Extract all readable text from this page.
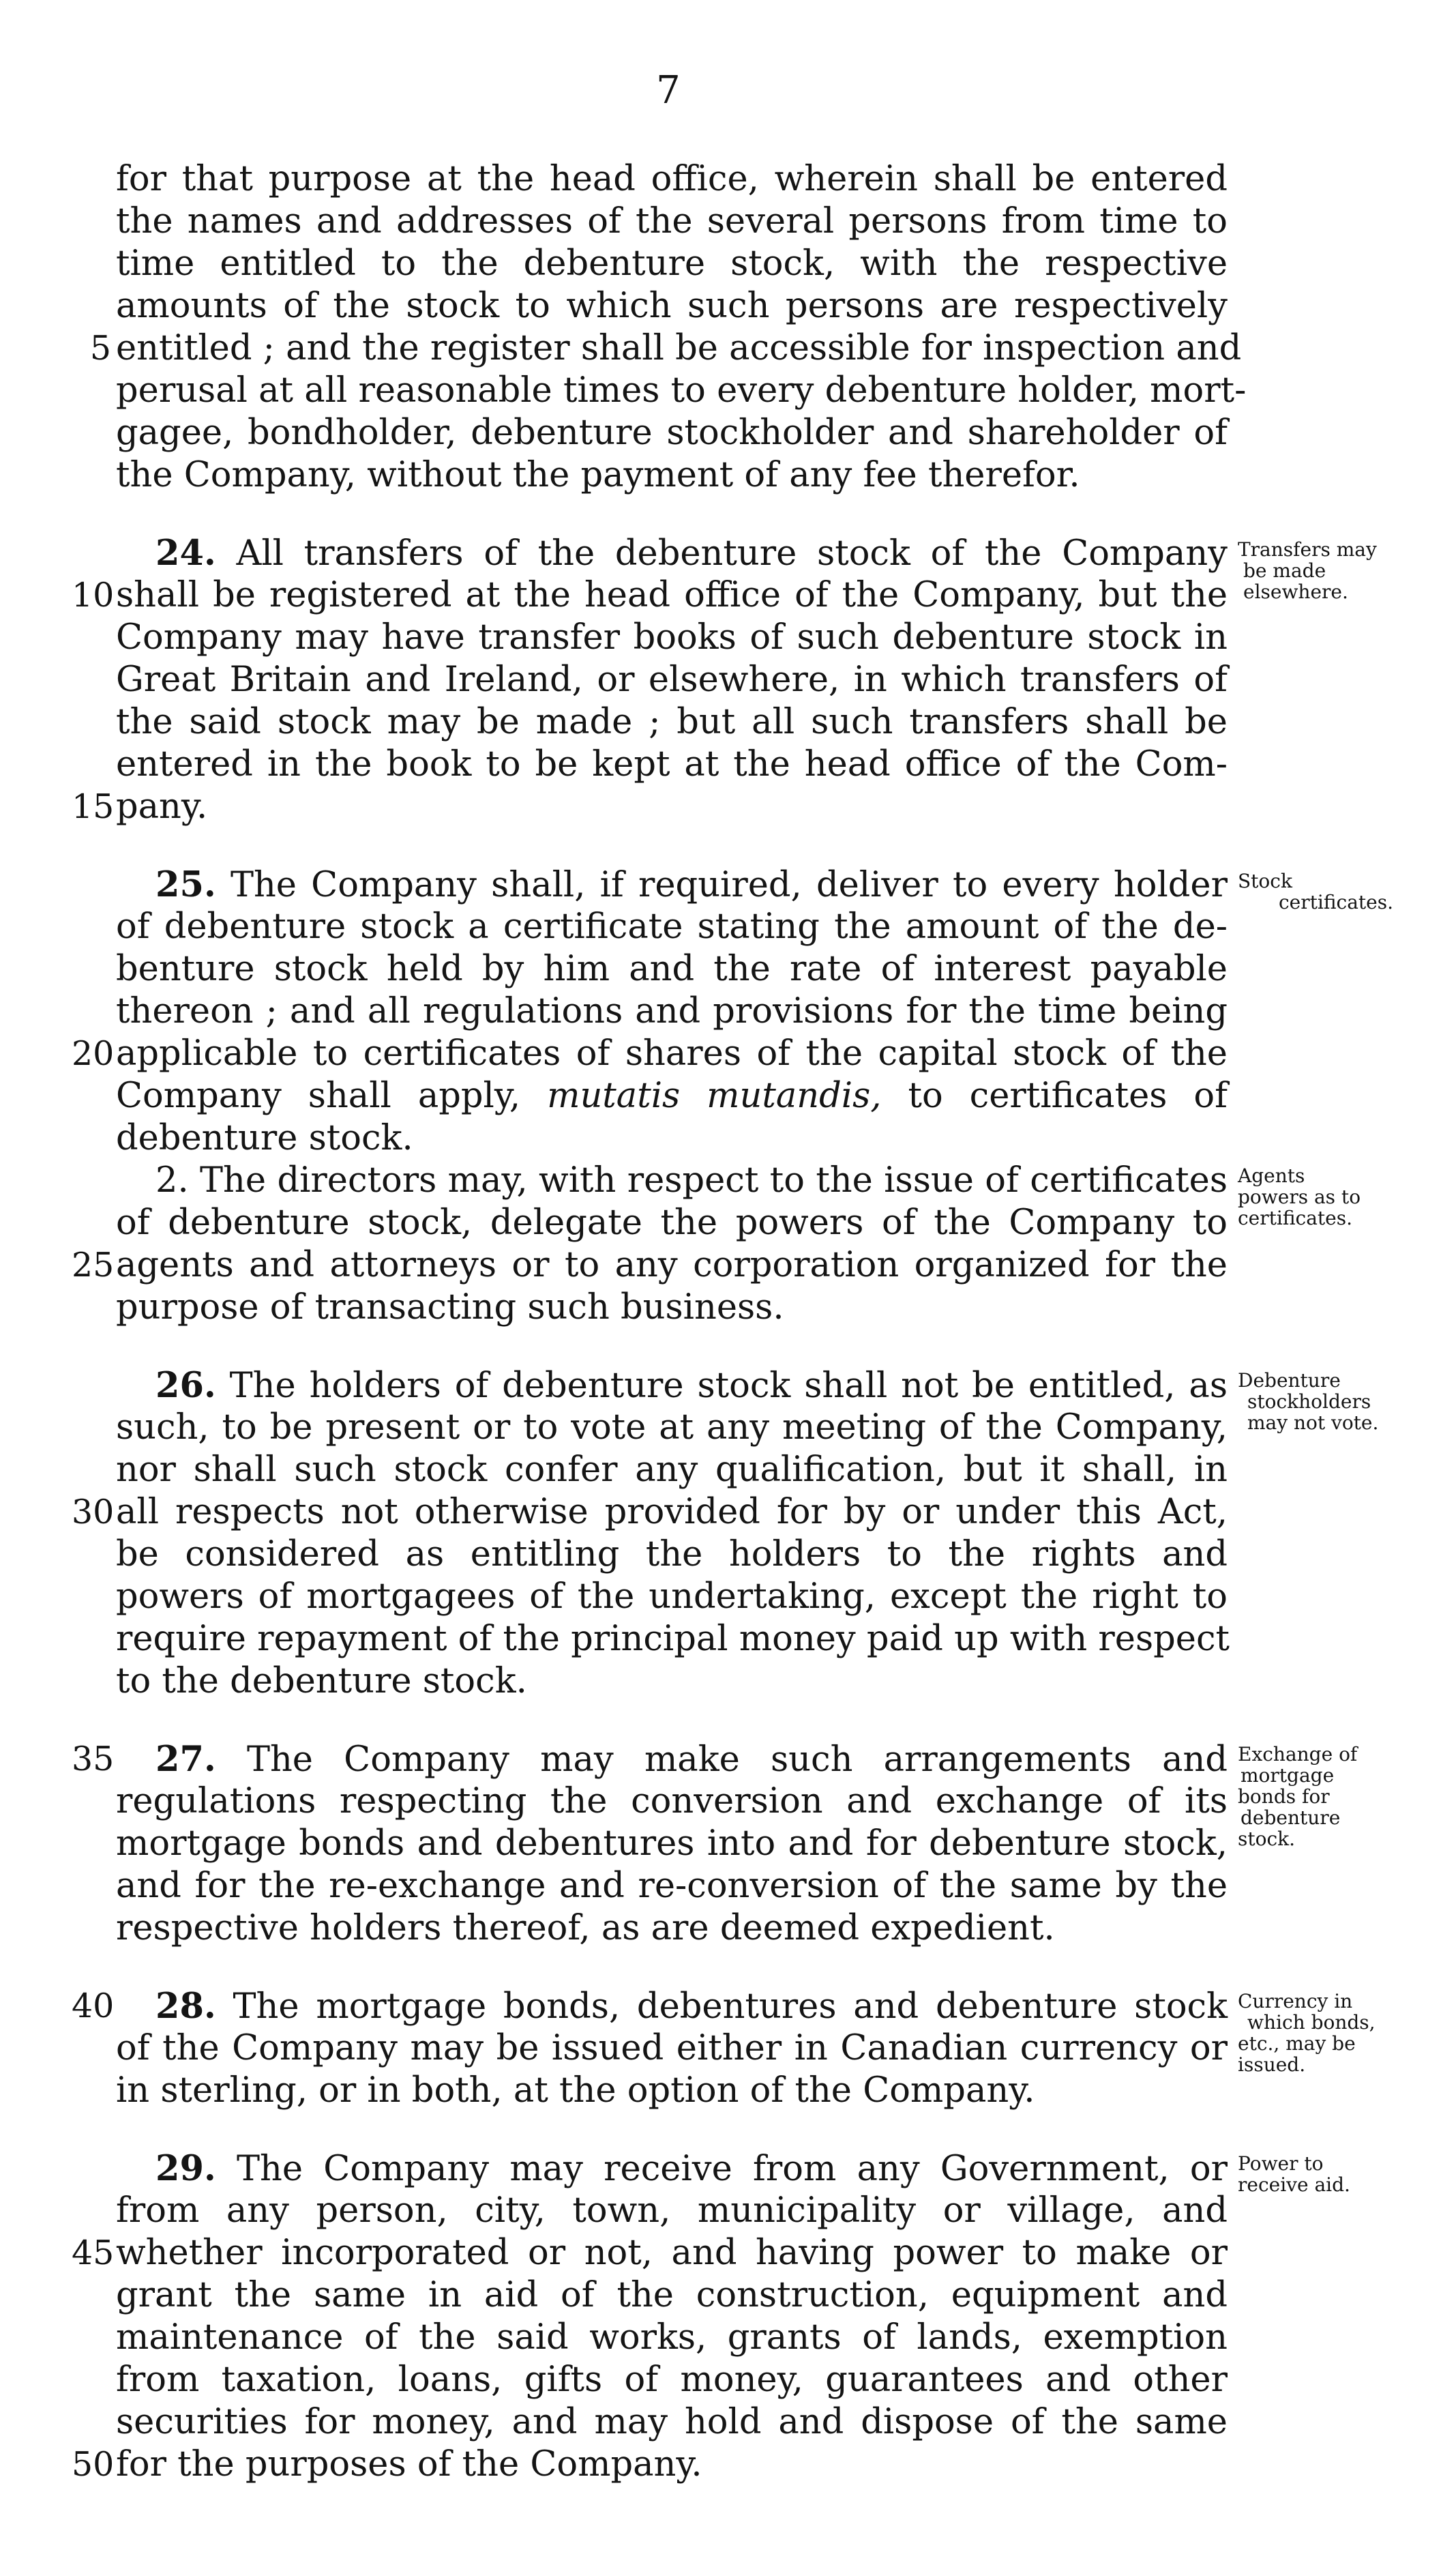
7
for that purpose at the head office, wherein shall be entered
the names and addresses of the several persons from time to
time entitled to the debenture stock, with the respective
amounts of the stock to which such persons are respectively
5 entitled ; and the register shall be accessible for inspection and
perusal at all reasonable times to every debenture holder, mort-
gagee, bondholder, debenture stockholder and shareholder of
the Company, without the payment of any fee therefor.
24. All transfers of the debenture stock of the Company
10 shall be registered at the head office of the Company, but the
Company may have transfer books of such debenture stock in
Great Britain and Ireland, or elsewhere, in which transfers of
the said stock may be made ; but all such transfers shall be
entered in the book to be kept at the head office of the Com-
15 pany.
Transfers may
be made
elsewhere.
25. The Company shall, if required, deliver to every holder
of debenture stock a certificate stating the amount of the de-
benture stock held by him and the rate of interest payable
thereon ; and all regulations and provisions for the time being
20 applicable to certificates of shares of the capital stock of the
Company shall apply, mutatis mutandis, to certificates of
debenture stock.
Stock
certificates.
2. The directors may, with respect to the issue of certificates
of debenture stock, delegate the powers of the Company to
25 agents and attorneys or to any corporation organized for the
purpose of transacting such business.
Agents
powers as to
certificates.
26. The holders of debenture stock shall not be entitled, as
such, to be present or to vote at any meeting of the Company,
nor shall such stock confer any qualification, but it shall, in
30 all respects not otherwise provided for by or under this Act,
be considered as entitling the holders to the rights and
powers of mortgagees of the undertaking, except the right to
require repayment of the principal money paid up with respect
to the debenture stock.
Debenture
stockholders
may not vote.
35 27. The Company may make such arrangements and
regulations respecting the conversion and exchange of its
mortgage bonds and debentures into and for debenture stock,
and for the re-exchange and re-conversion of the same by the
respective holders thereof, as are deemed expedient.
Exchange of
mortgage
bonds for
debenture
stock.
40 28. The mortgage bonds, debentures and debenture stock
of the Company may be issued either in Canadian currency or
in sterling, or in both, at the option of the Company.
Currency in
which bonds,
etc., may be
issued.
29. The Company may receive from any Government, or
from any person, city, town, municipality or village, and
45 whether incorporated or not, and having power to make or
grant the same in aid of the construction, equipment and
maintenance of the said works, grants of lands, exemption
from taxation, loans, gifts of money, guarantees and other
securities for money, and may hold and dispose of the same
50 for the purposes of the Company.
Power to
receive aid.
